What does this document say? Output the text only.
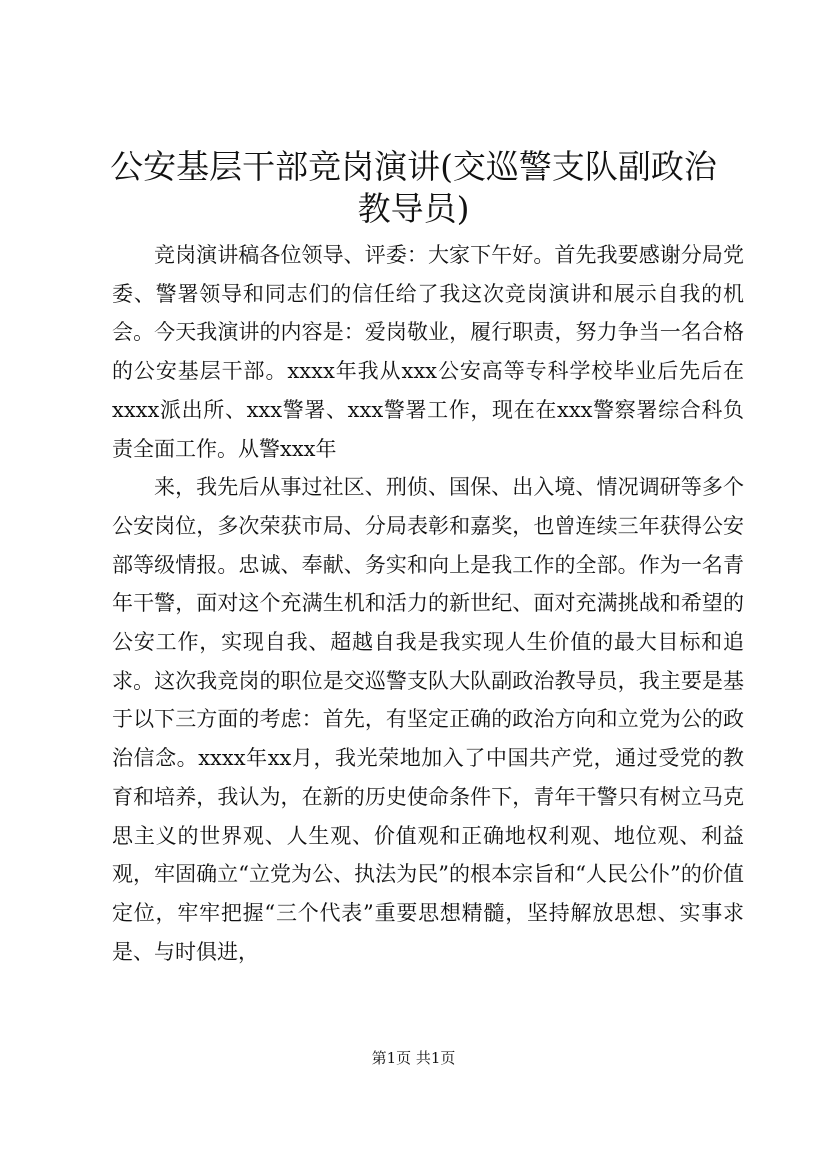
公安基层干部竞岗演讲(交巡警支队副政治教导员)

竞岗演讲稿各位领导、评委：大家下午好。首先我要感谢分局党委、警署领导和同志们的信任给了我这次竞岗演讲和展示自我的机会。今天我演讲的内容是：爱岗敬业，履行职责，努力争当一名合格的公安基层干部。xxxx年我从xxx公安高等专科学校毕业后先后在xxxx派出所、xxx警署、xxx警署工作，现在在xxx警察署综合科负责全面工作。从警xxx年

来，我先后从事过社区、刑侦、国保、出入境、情况调研等多个公安岗位，多次荣获市局、分局表彰和嘉奖，也曾连续三年获得公安部等级情报。忠诚、奉献、务实和向上是我工作的全部。作为一名青年干警，面对这个充满生机和活力的新世纪、面对充满挑战和希望的公安工作，实现自我、超越自我是我实现人生价值的最大目标和追求。这次我竞岗的职位是交巡警支队大队副政治教导员，我主要是基于以下三方面的考虑：首先，有坚定正确的政治方向和立党为公的政治信念。xxxx年xx月，我光荣地加入了中国共产党，通过受党的教育和培养，我认为，在新的历史使命条件下，青年干警只有树立马克思主义的世界观、人生观、价值观和正确地权利观、地位观、利益观，牢固确立“立党为公、执法为民”的根本宗旨和“人民公仆”的价值定位，牢牢把握“三个代表”重要思想精髓，坚持解放思想、实事求是、与时俱进，

第1页 共1页
